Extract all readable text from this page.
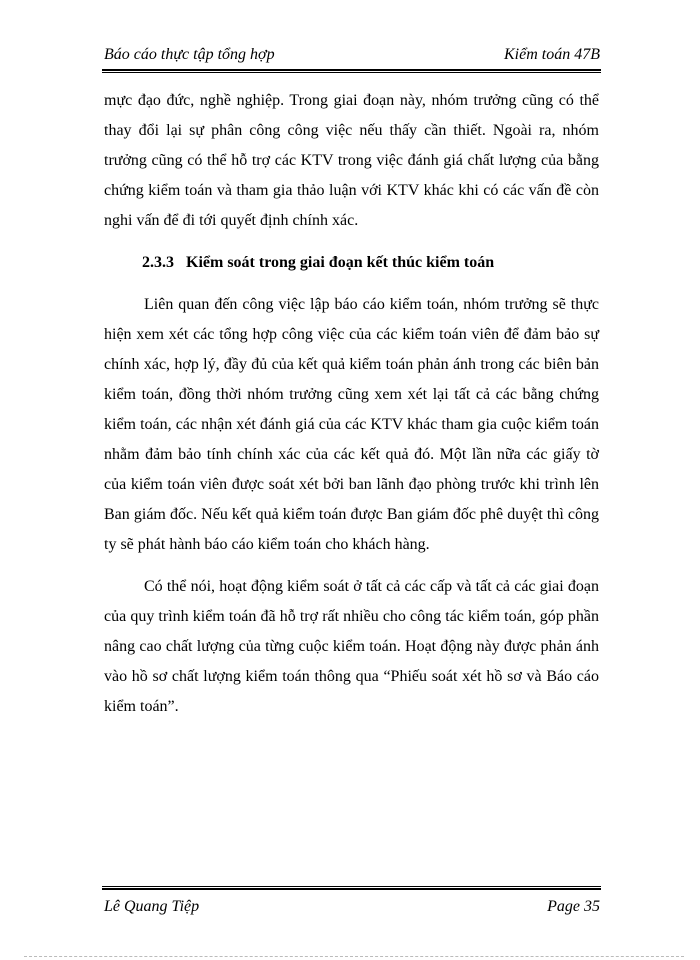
Báo cáo thực tập tổng hợp	Kiểm toán 47B

mực đạo đức, nghề nghiệp. Trong giai đoạn này, nhóm trưởng cũng có thể thay đổi lại sự phân công công việc nếu thấy cần thiết. Ngoài ra, nhóm trưởng cũng có thể hỗ trợ các KTV trong việc đánh giá chất lượng của bằng chứng kiểm toán và tham gia thảo luận với KTV khác khi có các vấn đề còn nghi vấn để đi tới quyết định chính xác.

2.3.3 Kiểm soát trong giai đoạn kết thúc kiểm toán

Liên quan đến công việc lập báo cáo kiểm toán, nhóm trưởng sẽ thực hiện xem xét các tổng hợp công việc của các kiểm toán viên để đảm bảo sự chính xác, hợp lý, đầy đủ của kết quả kiểm toán phản ánh trong các biên bản kiểm toán, đồng thời nhóm trưởng cũng xem xét lại tất cả các bằng chứng kiểm toán, các nhận xét đánh giá của các KTV khác tham gia cuộc kiểm toán nhằm đảm bảo tính chính xác của các kết quả đó. Một lần nữa các giấy tờ của kiểm toán viên được soát xét bởi ban lãnh đạo phòng trước khi trình lên Ban giám đốc. Nếu kết quả kiểm toán được Ban giám đốc phê duyệt thì công ty sẽ phát hành báo cáo kiểm toán cho khách hàng.

Có thể nói, hoạt động kiểm soát ở tất cả các cấp và tất cả các giai đoạn của quy trình kiểm toán đã hỗ trợ rất nhiều cho công tác kiểm toán, góp phần nâng cao chất lượng của từng cuộc kiểm toán. Hoạt động này được phản ánh vào hồ sơ chất lượng kiểm toán thông qua “Phiếu soát xét hồ sơ và Báo cáo kiểm toán”.

Lê Quang Tiệp	Page 35
